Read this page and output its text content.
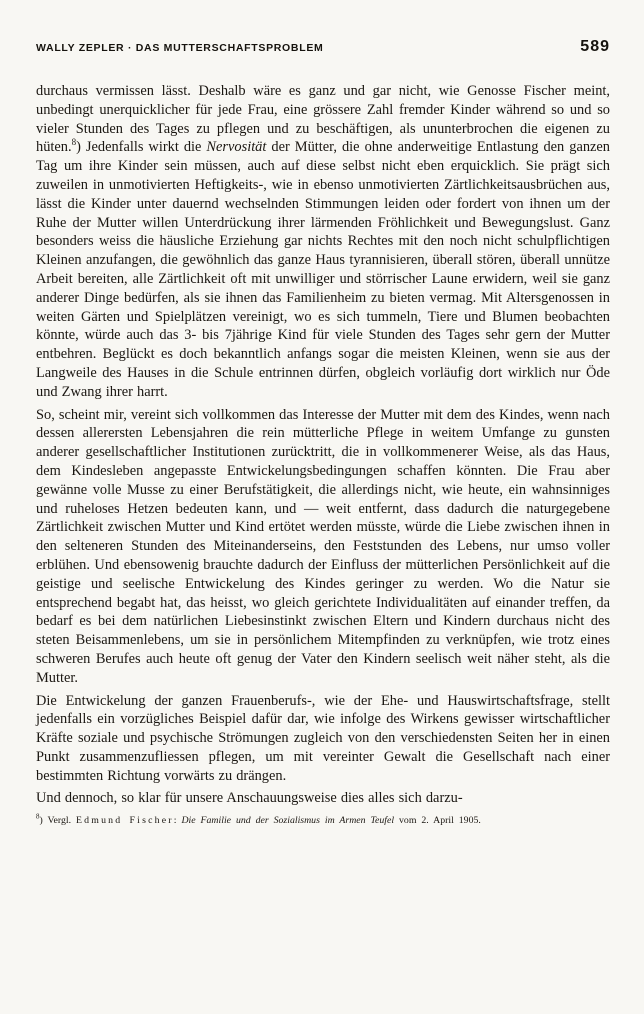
WALLY ZEPLER · DAS MUTTERSCHAFTSPROBLEM	589

durchaus vermissen lässt. Deshalb wäre es ganz und gar nicht, wie Genosse Fischer meint, unbedingt unerquicklicher für jede Frau, eine grössere Zahl fremder Kinder während so und so vieler Stunden des Tages zu pflegen und zu beschäftigen, als ununterbrochen die eigenen zu hüten.$^8$) Jedenfalls wirkt die Nervosität der Mütter, die ohne anderweitige Entlastung den ganzen Tag um ihre Kinder sein müssen, auch auf diese selbst nicht eben erquicklich. Sie prägt sich zuweilen in unmotivierten Heftigkeits-, wie in ebenso unmotivierten Zärtlichkeitsausbrüchen aus, lässt die Kinder unter dauernd wechselnden Stimmungen leiden oder fordert von ihnen um der Ruhe der Mutter willen Unterdrückung ihrer lärmenden Fröhlichkeit und Bewegungslust. Ganz besonders weiss die häusliche Erziehung gar nichts Rechtes mit den noch nicht schulpflichtigen Kleinen anzufangen, die gewöhnlich das ganze Haus tyrannisieren, überall stören, überall unnütze Arbeit bereiten, alle Zärtlichkeit oft mit unwilliger und störrischer Laune erwidern, weil sie ganz anderer Dinge bedürfen, als sie ihnen das Familienheim zu bieten vermag. Mit Altersgenossen in weiten Gärten und Spielplätzen vereinigt, wo es sich tummeln, Tiere und Blumen beobachten könnte, würde auch das 3- bis 7jährige Kind für viele Stunden des Tages sehr gern der Mutter entbehren. Beglückt es doch bekanntlich anfangs sogar die meisten Kleinen, wenn sie aus der Langweile des Hauses in die Schule entrinnen dürfen, obgleich vorläufig dort wirklich nur Öde und Zwang ihrer harrt.

So, scheint mir, vereint sich vollkommen das Interesse der Mutter mit dem des Kindes, wenn nach dessen allerersten Lebensjahren die rein mütterliche Pflege in weitem Umfange zu gunsten anderer gesellschaftlicher Institutionen zurücktritt, die in vollkommenerer Weise, als das Haus, dem Kindesleben angepasste Entwickelungsbedingungen schaffen könnten. Die Frau aber gewänne volle Musse zu einer Berufstätigkeit, die allerdings nicht, wie heute, ein wahnsinniges und ruheloses Hetzen bedeuten kann, und — weit entfernt, dass dadurch die naturgegebene Zärtlichkeit zwischen Mutter und Kind ertötet werden müsste, würde die Liebe zwischen ihnen in den selteneren Stunden des Miteinanderseins, den Feststunden des Lebens, nur umso voller erblühen. Und ebensowenig brauchte dadurch der Einfluss der mütterlichen Persönlichkeit auf die geistige und seelische Entwickelung des Kindes geringer zu werden. Wo die Natur sie entsprechend begabt hat, das heisst, wo gleich gerichtete Individualitäten auf einander treffen, da bedarf es bei dem natürlichen Liebesinstinkt zwischen Eltern und Kindern durchaus nicht des steten Beisammenlebens, um sie in persönlichem Mitempfinden zu verknüpfen, wie trotz eines schweren Berufes auch heute oft genug der Vater den Kindern seelisch weit näher steht, als die Mutter.

Die Entwickelung der ganzen Frauenberufs-, wie der Ehe- und Hauswirtschaftsfrage, stellt jedenfalls ein vorzügliches Beispiel dafür dar, wie infolge des Wirkens gewisser wirtschaftlicher Kräfte soziale und psychische Strömungen zugleich von den verschiedensten Seiten her in einen Punkt zusammenzufliessen pflegen, um mit vereinter Gewalt die Gesellschaft nach einer bestimmten Richtung vorwärts zu drängen.

Und dennoch, so klar für unsere Anschauungsweise dies alles sich darzu-

$^8$) Vergl. Edmund Fischer: Die Familie und der Sozialismus im Armen Teufel vom 2. April 1905.
